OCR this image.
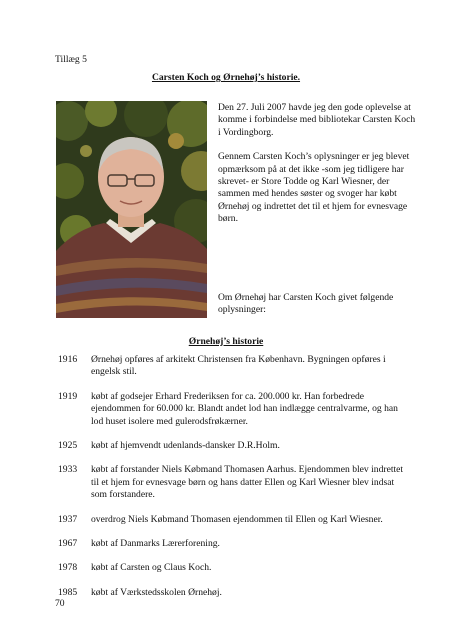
Tillæg 5
Carsten Koch og Ørnehøj’s historie.

Den 27. Juli 2007 havde jeg den gode oplevelse at komme i forbindelse med bibliotekar Carsten Koch i Vordingborg.

Gennem Carsten Koch’s oplysninger er jeg blevet opmærksom på at det ikke -som jeg tidligere har skrevet- er Store Todde og Karl Wiesner, der sammen med hendes søster og svoger har købt Ørnehøj og indrettet det til et hjem for evnesvage børn.

Om Ørnehøj har Carsten Koch givet følgende oplysninger:
Ørnehøj’s historie
1916	Ørnehøj opføres af arkitekt Christensen fra København. Bygningen opføres i engelsk stil.
1919	købt af godsejer Erhard Frederiksen for ca. 200.000 kr. Han forbedrede ejendommen for 60.000 kr. Blandt andet lod han indlægge centralvarme, og han lod huset isolere med gulerodsfrøkærner.
1925	købt af hjemvendt udenlands-dansker D.R.Holm.
1933	købt af forstander Niels Købmand Thomasen Aarhus. Ejendommen blev indrettet til et hjem for evnesvage børn og hans datter Ellen og Karl Wiesner blev indsat som forstandere.
1937	overdrog Niels Købmand Thomasen ejendommen til Ellen og Karl Wiesner.
1967	købt af Danmarks Lærerforening.
1978	købt af Carsten og Claus Koch.
1985	købt af Værkstedsskolen Ørnehøj.
70
